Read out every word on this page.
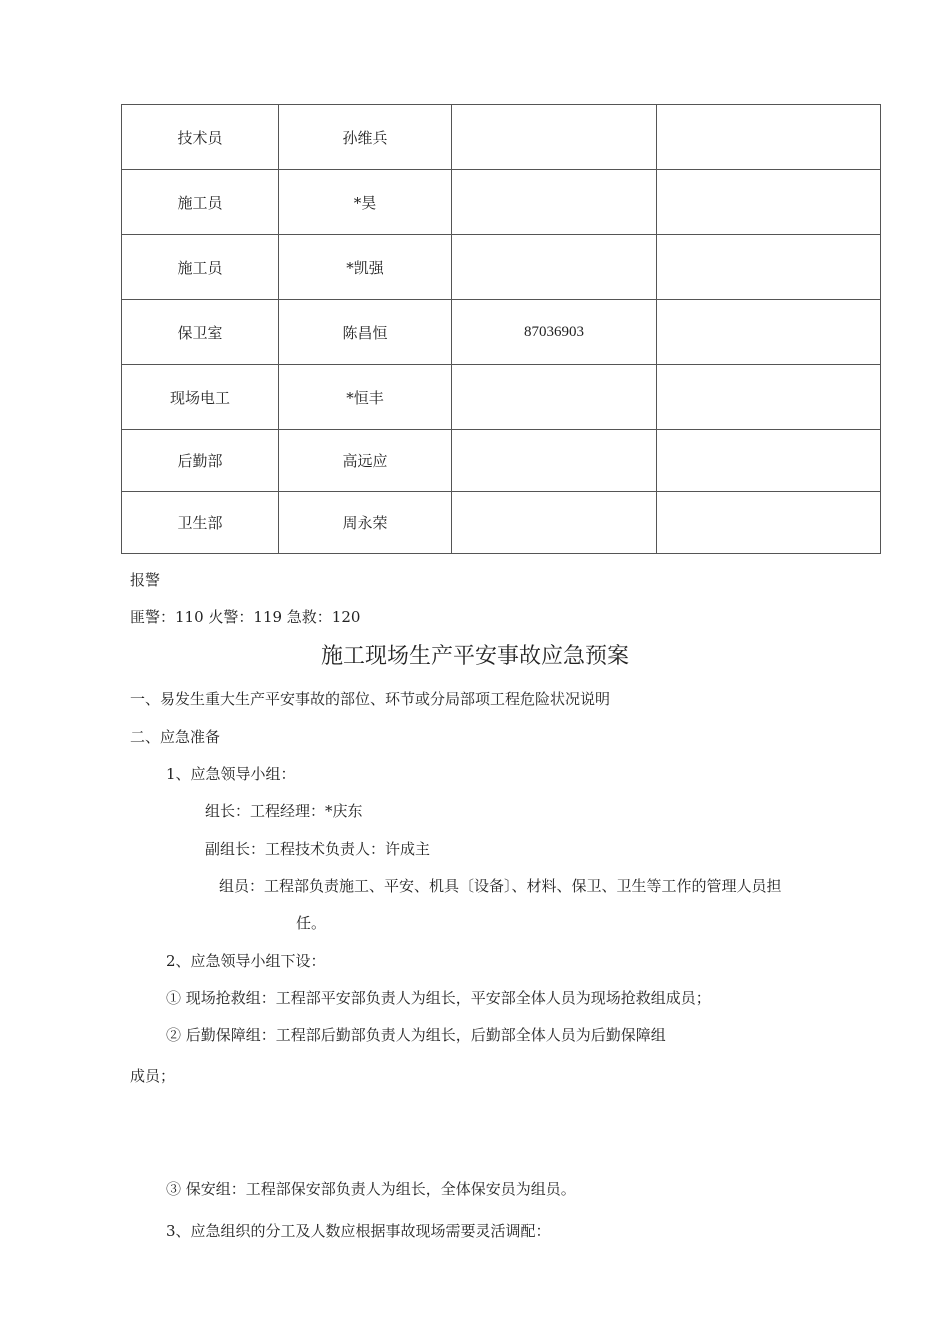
技术员	孙维兵		
施工员	*昊		
施工员	*凯强		
保卫室	陈昌恒	87036903	
现场电工	*恒丰		
后勤部	高远应		
卫生部	周永荣		
报警
匪警：110 火警：119 急救：120
施工现场生产平安事故应急预案
一、易发生重大生产平安事故的部位、环节或分局部项工程危险状况说明
二、应急准备
1、应急领导小组：
组长：工程经理：*庆东
副组长：工程技术负责人：许成主
组员：工程部负责施工、平安、机具〔设备〕、材料、保卫、卫生等工作的管理人员担
任。
2、应急领导小组下设：
① 现场抢救组：工程部平安部负责人为组长，平安部全体人员为现场抢救组成员；
② 后勤保障组：工程部后勤部负责人为组长，后勤部全体人员为后勤保障组
成员；
③ 保安组：工程部保安部负责人为组长，全体保安员为组员。
3、应急组织的分工及人数应根据事故现场需要灵活调配：
